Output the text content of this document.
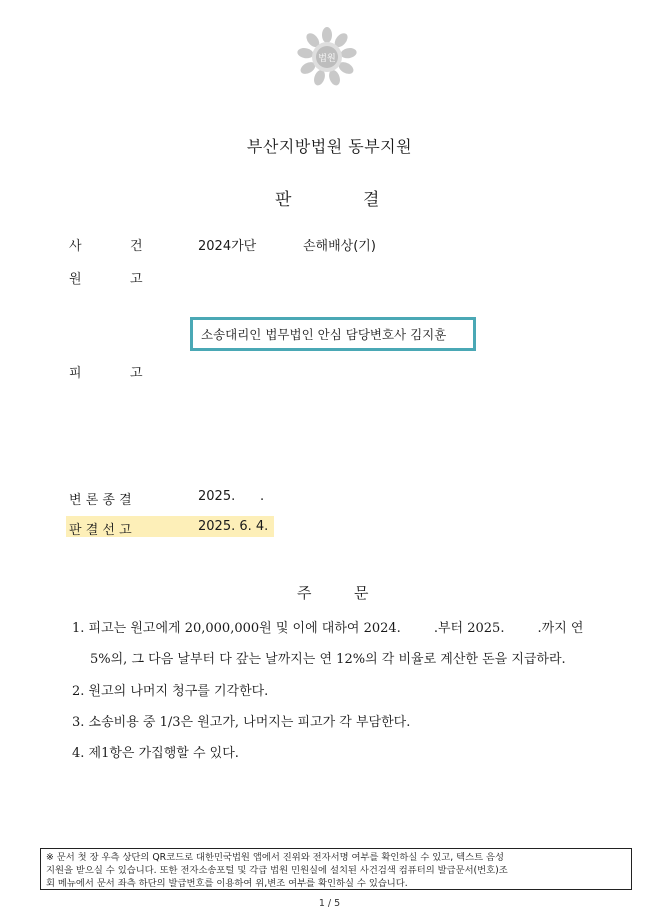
법원
부산지방법원 동부지원
판	결
사	건	2024가단	손해배상(기)
원	고
소송대리인 법무법인 안심 담당변호사 김지훈
피	고
변 론 종 결	2025.      .
판 결 선 고	2025. 6. 4.
주	문
1. 피고는 원고에게 20,000,000원 및 이에 대하여 2024.        .부터 2025.        .까지 연
5%의, 그 다음 날부터 다 갚는 날까지는 연 12%의 각 비율로 계산한 돈을 지급하라.
2. 원고의 나머지 청구를 기각한다.
3. 소송비용 중 1/3은 원고가, 나머지는 피고가 각 부담한다.
4. 제1항은 가집행할 수 있다.
※ 문서 첫 장 우측 상단의 QR코드로 대한민국법원 앱에서 진위와 전자서명 여부를 확인하실 수 있고, 텍스트 음성
지원을 받으실 수 있습니다. 또한 전자소송포털 및 각급 법원 민원실에 설치된 사건검색 컴퓨터의 발급문서(번호)조
회 메뉴에서 문서 좌측 하단의 발급번호를 이용하여 위,변조 여부를 확인하실 수 있습니다.
1 / 5
